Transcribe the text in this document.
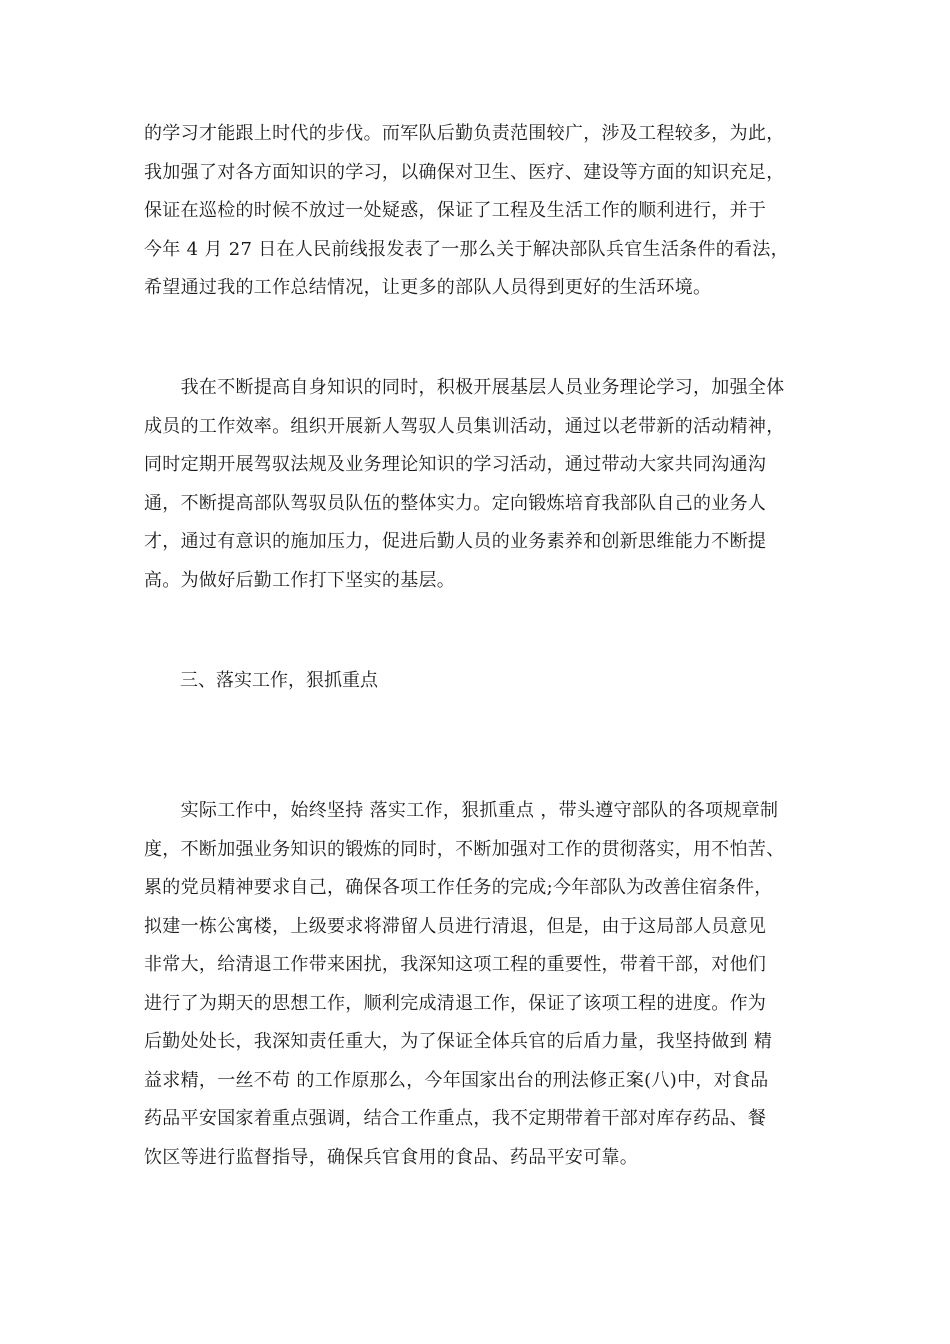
的学习才能跟上时代的步伐。而军队后勤负责范围较广，涉及工程较多，为此，
我加强了对各方面知识的学习，以确保对卫生、医疗、建设等方面的知识充足，
保证在巡检的时候不放过一处疑惑，保证了工程及生活工作的顺利进行，并于
今年 4 月 27 日在人民前线报发表了一那么关于解决部队兵官生活条件的看法，
希望通过我的工作总结情况，让更多的部队人员得到更好的生活环境。
　　我在不断提高自身知识的同时，积极开展基层人员业务理论学习，加强全体
成员的工作效率。组织开展新人驾驭人员集训活动，通过以老带新的活动精神，
同时定期开展驾驭法规及业务理论知识的学习活动，通过带动大家共同沟通沟
通，不断提高部队驾驭员队伍的整体实力。定向锻炼培育我部队自己的业务人
才，通过有意识的施加压力，促进后勤人员的业务素养和创新思维能力不断提
高。为做好后勤工作打下坚实的基层。
　　三、落实工作，狠抓重点
　　实际工作中，始终坚持 落实工作，狠抓重点 ，带头遵守部队的各项规章制
度，不断加强业务知识的锻炼的同时，不断加强对工作的贯彻落实，用不怕苦、
累的党员精神要求自己，确保各项工作任务的完成;今年部队为改善住宿条件，
拟建一栋公寓楼，上级要求将滞留人员进行清退，但是，由于这局部人员意见
非常大，给清退工作带来困扰，我深知这项工程的重要性，带着干部，对他们
进行了为期天的思想工作，顺利完成清退工作，保证了该项工程的进度。作为
后勤处处长，我深知责任重大，为了保证全体兵官的后盾力量，我坚持做到 精
益求精，一丝不苟 的工作原那么，今年国家出台的刑法修正案(八)中，对食品
药品平安国家着重点强调，结合工作重点，我不定期带着干部对库存药品、餐
饮区等进行监督指导，确保兵官食用的食品、药品平安可靠。
